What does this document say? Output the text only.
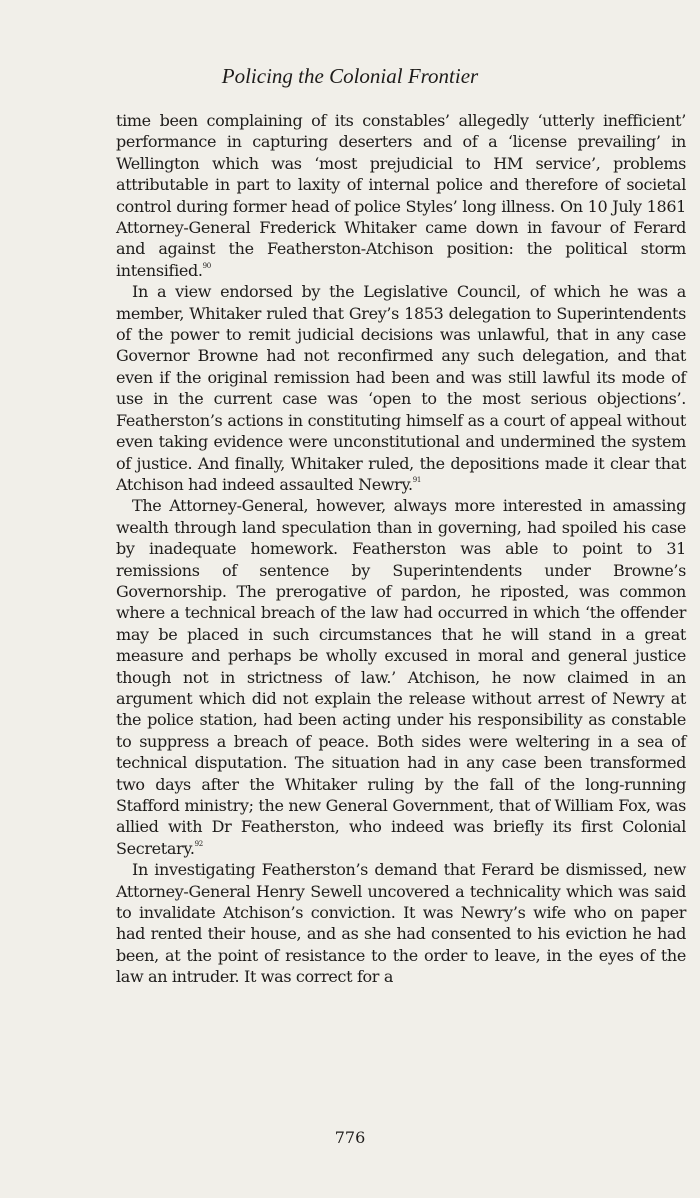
Policing the Colonial Frontier

time been complaining of its constables’ allegedly ‘utterly inefficient’ performance in capturing deserters and of a ‘license prevailing’ in Wellington which was ‘most prejudicial to HM service’, problems attributable in part to laxity of internal police and therefore of societal control during former head of police Styles’ long illness. On 10 July 1861 Attorney-General Frederick Whitaker came down in favour of Ferard and against the Featherston-Atchison position: the political storm intensified.$^{90}$

In a view endorsed by the Legislative Council, of which he was a member, Whitaker ruled that Grey’s 1853 delegation to Superintendents of the power to remit judicial decisions was unlawful, that in any case Governor Browne had not reconfirmed any such delegation, and that even if the original remission had been and was still lawful its mode of use in the current case was ‘open to the most serious objections’. Featherston’s actions in constituting himself as a court of appeal without even taking evidence were unconstitutional and undermined the system of justice. And finally, Whitaker ruled, the depositions made it clear that Atchison had indeed assaulted Newry.$^{91}$

The Attorney-General, however, always more interested in amassing wealth through land speculation than in governing, had spoiled his case by inadequate homework. Featherston was able to point to 31 remissions of sentence by Superintendents under Browne’s Governorship. The prerogative of pardon, he riposted, was common where a technical breach of the law had occurred in which ‘the offender may be placed in such circumstances that he will stand in a great measure and perhaps be wholly excused in moral and general justice though not in strictness of law.’ Atchison, he now claimed in an argument which did not explain the release without arrest of Newry at the police station, had been acting under his responsibility as constable to suppress a breach of peace. Both sides were weltering in a sea of technical disputation. The situation had in any case been transformed two days after the Whitaker ruling by the fall of the long-running Stafford ministry; the new General Government, that of William Fox, was allied with Dr Featherston, who indeed was briefly its first Colonial Secretary.$^{92}$

In investigating Featherston’s demand that Ferard be dismissed, new Attorney-General Henry Sewell uncovered a technicality which was said to invalidate Atchison’s conviction. It was Newry’s wife who on paper had rented their house, and as she had consented to his eviction he had been, at the point of resistance to the order to leave, in the eyes of the law an intruder. It was correct for a

776
